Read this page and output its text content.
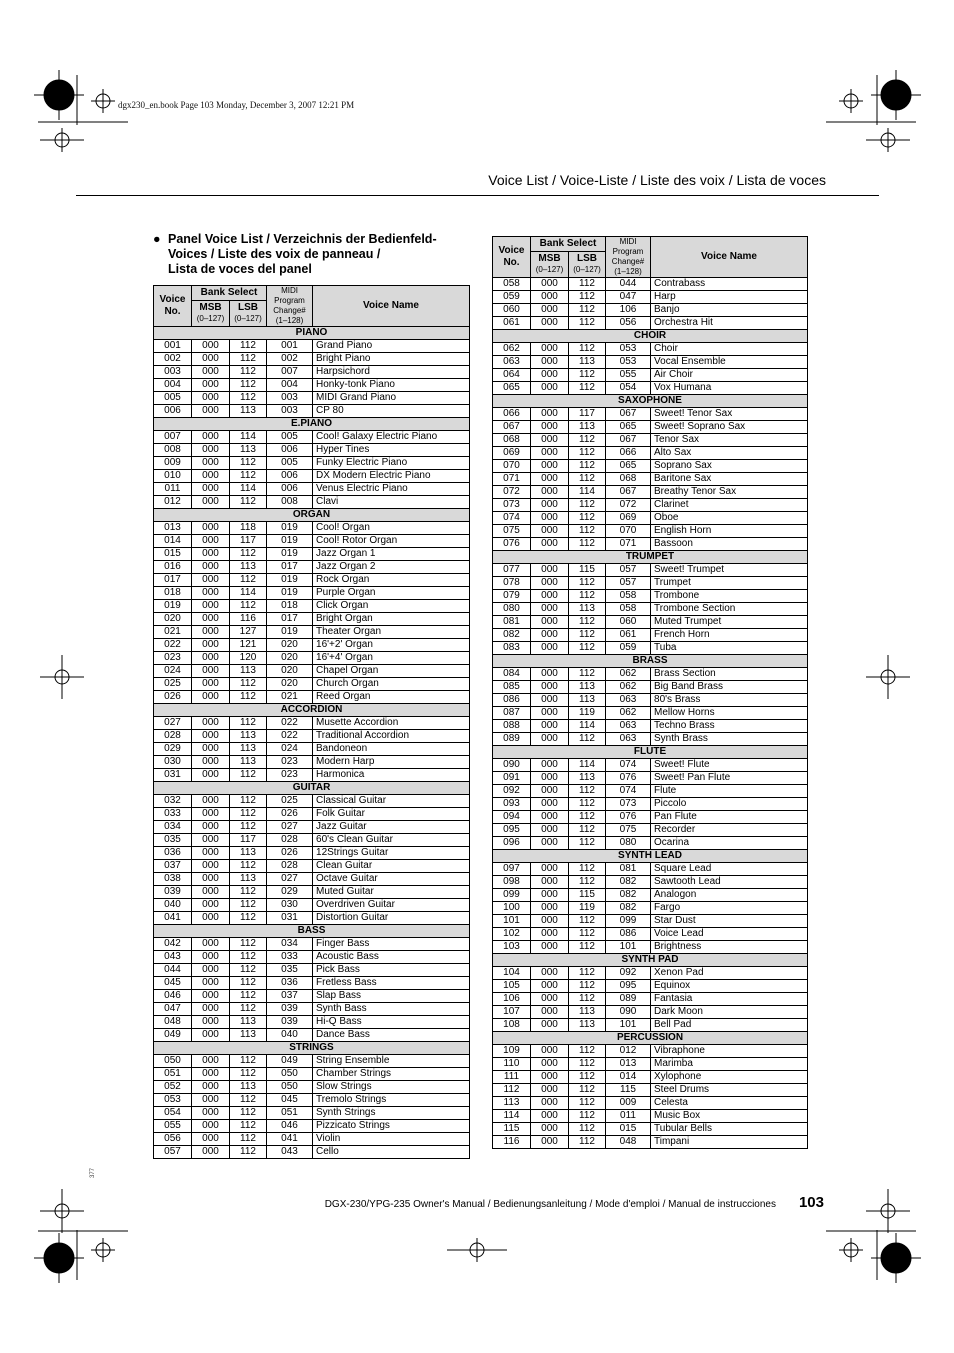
dgx230_en.book Page 103 Monday, December 3, 2007 12:21 PM
Voice List / Voice-Liste / Liste des voix / Lista de voces
● Panel Voice List / Verzeichnis der Bedienfeld-
Voices / Liste des voix de panneau /
Lista de voces del panel
Voice No.	Bank Select		MIDI
Program
Change#
(1–128)	Voice Name

	MSB
(0–127)	LSB
(0–127)		

PIANO				
001	000	112	001	Grand Piano
002	000	112	002	Bright Piano
003	000	112	007	Harpsichord
004	000	112	004	Honky-tonk Piano
005	000	112	003	MIDI Grand Piano
006	000	113	003	CP 80
E.PIANO				
007	000	114	005	Cool! Galaxy Electric Piano
008	000	113	006	Hyper Tines
009	000	112	005	Funky Electric Piano
010	000	112	006	DX Modern Electric Piano
011	000	114	006	Venus Electric Piano
012	000	112	008	Clavi
ORGAN				
013	000	118	019	Cool! Organ
014	000	117	019	Cool! Rotor Organ
015	000	112	019	Jazz Organ 1
016	000	113	017	Jazz Organ 2
017	000	112	019	Rock Organ
018	000	114	019	Purple Organ
019	000	112	018	Click Organ
020	000	116	017	Bright Organ
021	000	127	019	Theater Organ
022	000	121	020	16'+2' Organ
023	000	120	020	16'+4' Organ
024	000	113	020	Chapel Organ
025	000	112	020	Church Organ
026	000	112	021	Reed Organ
ACCORDION				
027	000	112	022	Musette Accordion
028	000	113	022	Traditional Accordion
029	000	113	024	Bandoneon
030	000	113	023	Modern Harp
031	000	112	023	Harmonica
GUITAR				
032	000	112	025	Classical Guitar
033	000	112	026	Folk Guitar
034	000	112	027	Jazz Guitar
035	000	117	028	60's Clean Guitar
036	000	113	026	12Strings Guitar
037	000	112	028	Clean Guitar
038	000	113	027	Octave Guitar
039	000	112	029	Muted Guitar
040	000	112	030	Overdriven Guitar
041	000	112	031	Distortion Guitar
BASS				
042	000	112	034	Finger Bass
043	000	112	033	Acoustic Bass
044	000	112	035	Pick Bass
045	000	112	036	Fretless Bass
046	000	112	037	Slap Bass
047	000	112	039	Synth Bass
048	000	113	039	Hi-Q Bass
049	000	113	040	Dance Bass
STRINGS				
050	000	112	049	String Ensemble
051	000	112	050	Chamber Strings
052	000	113	050	Slow Strings
053	000	112	045	Tremolo Strings
054	000	112	051	Synth Strings
055	000	112	046	Pizzicato Strings
056	000	112	041	Violin
057	000	112	043	Cello
Voice No.	Bank Select		MIDI
Program
Change#
(1–128)	Voice Name

	MSB
(0–127)	LSB
(0–127)		

058	000	112	044	Contrabass
059	000	112	047	Harp
060	000	112	106	Banjo
061	000	112	056	Orchestra Hit
CHOIR				
062	000	112	053	Choir
063	000	113	053	Vocal Ensemble
064	000	112	055	Air Choir
065	000	112	054	Vox Humana
SAXOPHONE				
066	000	117	067	Sweet! Tenor Sax
067	000	113	065	Sweet! Soprano Sax
068	000	112	067	Tenor Sax
069	000	112	066	Alto Sax
070	000	112	065	Soprano Sax
071	000	112	068	Baritone Sax
072	000	114	067	Breathy Tenor Sax
073	000	112	072	Clarinet
074	000	112	069	Oboe
075	000	112	070	English Horn
076	000	112	071	Bassoon
TRUMPET				
077	000	115	057	Sweet! Trumpet
078	000	112	057	Trumpet
079	000	112	058	Trombone
080	000	113	058	Trombone Section
081	000	112	060	Muted Trumpet
082	000	112	061	French Horn
083	000	112	059	Tuba
BRASS				
084	000	112	062	Brass Section
085	000	113	062	Big Band Brass
086	000	113	063	80's Brass
087	000	119	062	Mellow Horns
088	000	114	063	Techno Brass
089	000	112	063	Synth Brass
FLUTE				
090	000	114	074	Sweet! Flute
091	000	113	076	Sweet! Pan Flute
092	000	112	074	Flute
093	000	112	073	Piccolo
094	000	112	076	Pan Flute
095	000	112	075	Recorder
096	000	112	080	Ocarina
SYNTH LEAD				
097	000	112	081	Square Lead
098	000	112	082	Sawtooth Lead
099	000	115	082	Analogon
100	000	119	082	Fargo
101	000	112	099	Star Dust
102	000	112	086	Voice Lead
103	000	112	101	Brightness
SYNTH PAD				
104	000	112	092	Xenon Pad
105	000	112	095	Equinox
106	000	112	089	Fantasia
107	000	113	090	Dark Moon
108	000	113	101	Bell Pad
PERCUSSION				
109	000	112	012	Vibraphone
110	000	112	013	Marimba
111	000	112	014	Xylophone
112	000	112	115	Steel Drums
113	000	112	009	Celesta
114	000	112	011	Music Box
115	000	112	015	Tubular Bells
116	000	112	048	Timpani
377
DGX-230/YPG-235 Owner's Manual / Bedienungsanleitung / Mode d'emploi / Manual de instrucciones 103
